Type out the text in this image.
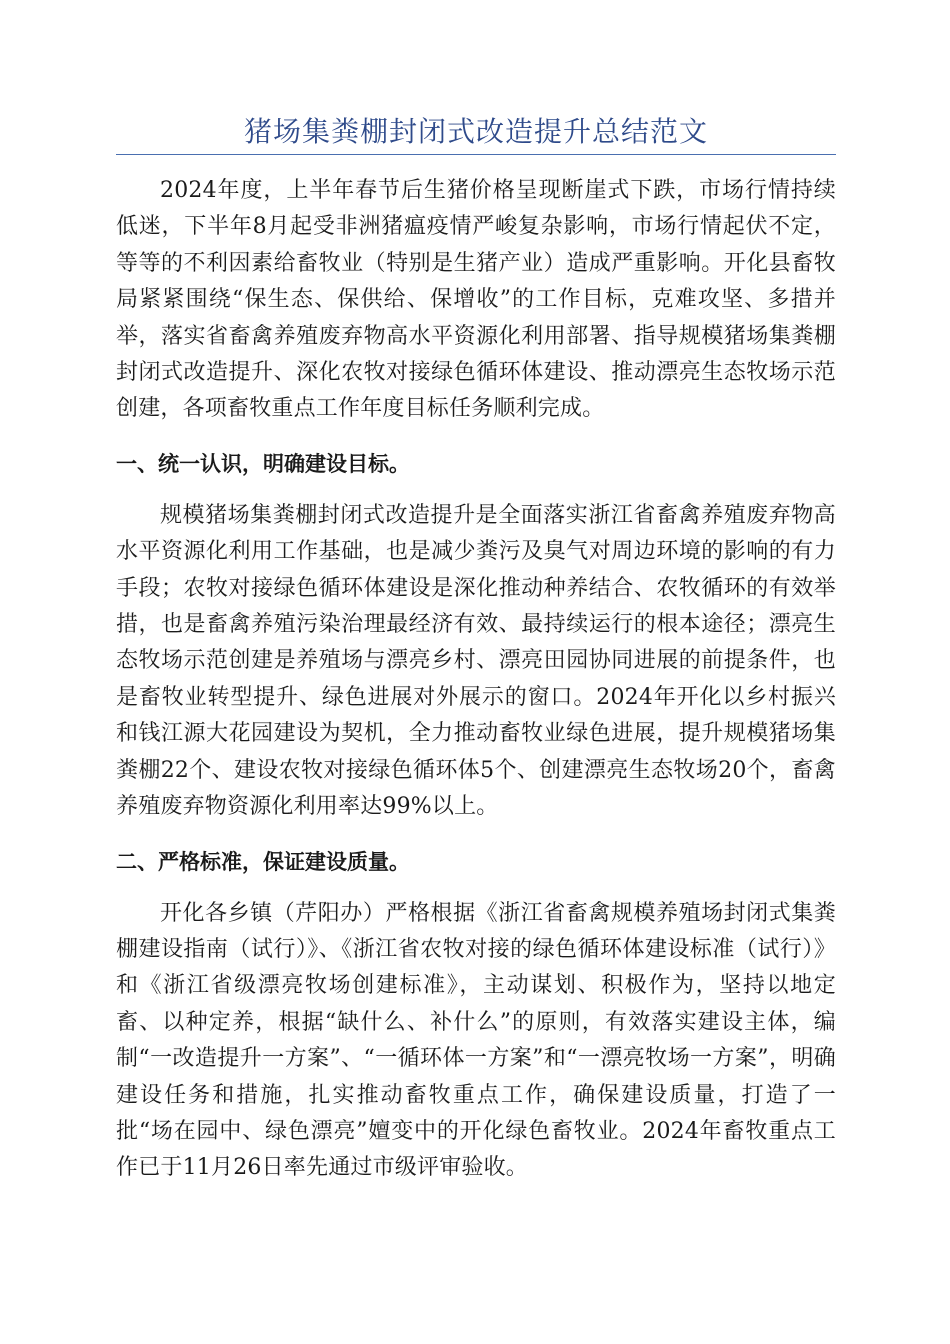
猪场集粪棚封闭式改造提升总结范文

2024年度，上半年春节后生猪价格呈现断崖式下跌，市场行情持续低迷，下半年8月起受非洲猪瘟疫情严峻复杂影响，市场行情起伏不定，等等的不利因素给畜牧业（特别是生猪产业）造成严重影响。开化县畜牧局紧紧围绕“保生态、保供给、保增收”的工作目标，克难攻坚、多措并举，落实省畜禽养殖废弃物高水平资源化利用部署、指导规模猪场集粪棚封闭式改造提升、深化农牧对接绿色循环体建设、推动漂亮生态牧场示范创建，各项畜牧重点工作年度目标任务顺利完成。

一、统一认识，明确建设目标。

规模猪场集粪棚封闭式改造提升是全面落实浙江省畜禽养殖废弃物高水平资源化利用工作基础，也是减少粪污及臭气对周边环境的影响的有力手段；农牧对接绿色循环体建设是深化推动种养结合、农牧循环的有效举措，也是畜禽养殖污染治理最经济有效、最持续运行的根本途径；漂亮生态牧场示范创建是养殖场与漂亮乡村、漂亮田园协同进展的前提条件，也是畜牧业转型提升、绿色进展对外展示的窗口。2024年开化以乡村振兴和钱江源大花园建设为契机，全力推动畜牧业绿色进展，提升规模猪场集粪棚22个、建设农牧对接绿色循环体5个、创建漂亮生态牧场20个，畜禽养殖废弃物资源化利用率达99%以上。

二、严格标准，保证建设质量。

开化各乡镇（芹阳办）严格根据《浙江省畜禽规模养殖场封闭式集粪棚建设指南（试行）》、《浙江省农牧对接的绿色循环体建设标准（试行）》和《浙江省级漂亮牧场创建标准》，主动谋划、积极作为，坚持以地定畜、以种定养，根据“缺什么、补什么”的原则，有效落实建设主体，编制“一改造提升一方案”、“一循环体一方案”和“一漂亮牧场一方案”，明确建设任务和措施，扎实推动畜牧重点工作，确保建设质量，打造了一批“场在园中、绿色漂亮”嬗变中的开化绿色畜牧业。2024年畜牧重点工作已于11月26日率先通过市级评审验收。
